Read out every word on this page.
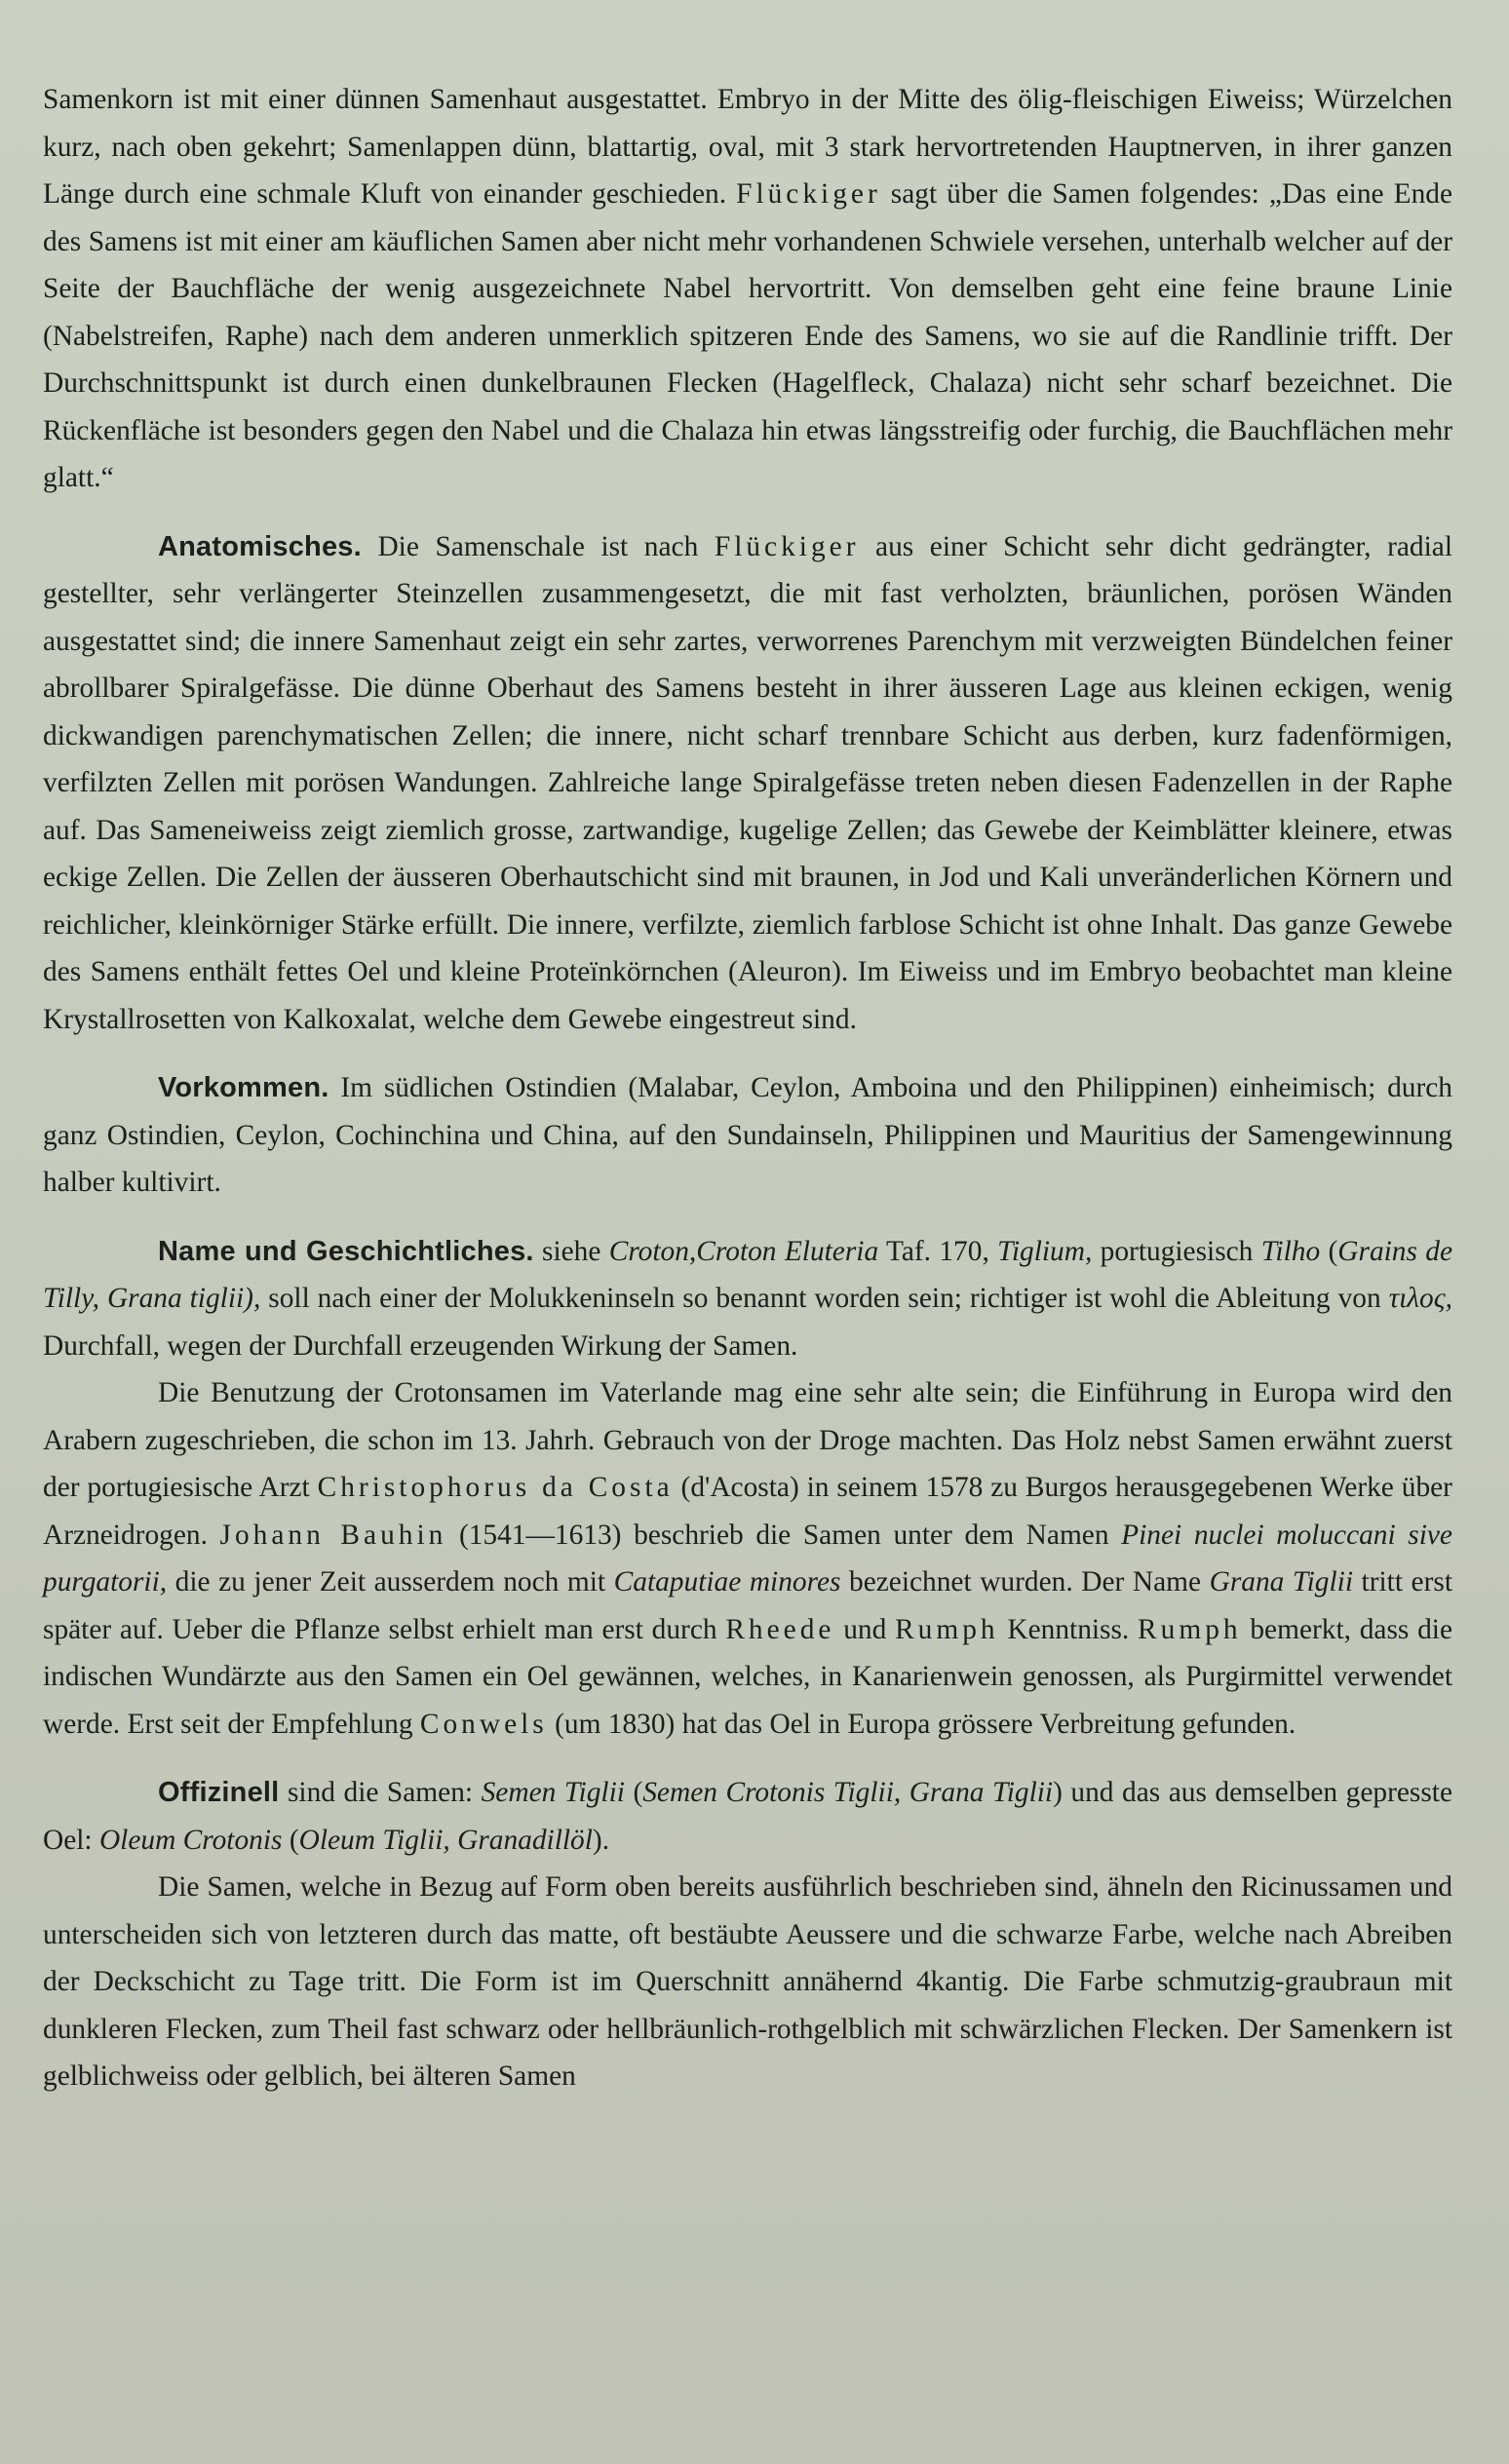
Samenkorn ist mit einer dünnen Samenhaut ausgestattet. Embryo in der Mitte des ölig-fleischigen Eiweiss; Würzelchen kurz, nach oben gekehrt; Samenlappen dünn, blattartig, oval, mit 3 stark hervortretenden Hauptnerven, in ihrer ganzen Länge durch eine schmale Kluft von einander geschieden. Flückiger sagt über die Samen folgendes: „Das eine Ende des Samens ist mit einer am käuflichen Samen aber nicht mehr vorhandenen Schwiele versehen, unterhalb welcher auf der Seite der Bauchfläche der wenig ausgezeichnete Nabel hervortritt. Von demselben geht eine feine braune Linie (Nabelstreifen, Raphe) nach dem anderen unmerklich spitzeren Ende des Samens, wo sie auf die Randlinie trifft. Der Durchschnittspunkt ist durch einen dunkelbraunen Flecken (Hagelfleck, Chalaza) nicht sehr scharf bezeichnet. Die Rückenfläche ist besonders gegen den Nabel und die Chalaza hin etwas längsstreifig oder furchig, die Bauchflächen mehr glatt.“

Anatomisches. Die Samenschale ist nach Flückiger aus einer Schicht sehr dicht gedrängter, radial gestellter, sehr verlängerter Steinzellen zusammengesetzt, die mit fast verholzten, bräunlichen, porösen Wänden ausgestattet sind; die innere Samenhaut zeigt ein sehr zartes, verworrenes Parenchym mit verzweigten Bündelchen feiner abrollbarer Spiralgefässe. Die dünne Oberhaut des Samens besteht in ihrer äusseren Lage aus kleinen eckigen, wenig dickwandigen parenchymatischen Zellen; die innere, nicht scharf trennbare Schicht aus derben, kurz fadenförmigen, verfilzten Zellen mit porösen Wandungen. Zahlreiche lange Spiralgefässe treten neben diesen Fadenzellen in der Raphe auf. Das Sameneiweiss zeigt ziemlich grosse, zartwandige, kugelige Zellen; das Gewebe der Keimblätter kleinere, etwas eckige Zellen. Die Zellen der äusseren Oberhautschicht sind mit braunen, in Jod und Kali unveränderlichen Körnern und reichlicher, kleinkörniger Stärke erfüllt. Die innere, verfilzte, ziemlich farblose Schicht ist ohne Inhalt. Das ganze Gewebe des Samens enthält fettes Oel und kleine Proteïnkörnchen (Aleuron). Im Eiweiss und im Embryo beobachtet man kleine Krystallrosetten von Kalkoxalat, welche dem Gewebe eingestreut sind.

Vorkommen. Im südlichen Ostindien (Malabar, Ceylon, Amboina und den Philippinen) einheimisch; durch ganz Ostindien, Ceylon, Cochinchina und China, auf den Sundainseln, Philippinen und Mauritius der Samengewinnung halber kultivirt.

Name und Geschichtliches. siehe Croton,Croton Eluteria Taf. 170, Tiglium, portugiesisch Tilho (Grains de Tilly, Grana tiglii), soll nach einer der Molukkeninseln so benannt worden sein; richtiger ist wohl die Ableitung von τιλος, Durchfall, wegen der Durchfall erzeugenden Wirkung der Samen.

Die Benutzung der Crotonsamen im Vaterlande mag eine sehr alte sein; die Einführung in Europa wird den Arabern zugeschrieben, die schon im 13. Jahrh. Gebrauch von der Droge machten. Das Holz nebst Samen erwähnt zuerst der portugiesische Arzt Christophorus da Costa (d'Acosta) in seinem 1578 zu Burgos herausgegebenen Werke über Arzneidrogen. Johann Bauhin (1541—1613) beschrieb die Samen unter dem Namen Pinei nuclei moluccani sive purgatorii, die zu jener Zeit ausserdem noch mit Cataputiae minores bezeichnet wurden. Der Name Grana Tiglii tritt erst später auf. Ueber die Pflanze selbst erhielt man erst durch Rheede und Rumph Kenntniss. Rumph bemerkt, dass die indischen Wundärzte aus den Samen ein Oel gewännen, welches, in Kanarienwein genossen, als Purgirmittel verwendet werde. Erst seit der Empfehlung Conwels (um 1830) hat das Oel in Europa grössere Verbreitung gefunden.

Offizinell sind die Samen: Semen Tiglii (Semen Crotonis Tiglii, Grana Tiglii) und das aus demselben gepresste Oel: Oleum Crotonis (Oleum Tiglii, Granadillöl).

Die Samen, welche in Bezug auf Form oben bereits ausführlich beschrieben sind, ähneln den Ricinussamen und unterscheiden sich von letzteren durch das matte, oft bestäubte Aeussere und die schwarze Farbe, welche nach Abreiben der Deckschicht zu Tage tritt. Die Form ist im Querschnitt annähernd 4kantig. Die Farbe schmutzig-graubraun mit dunkleren Flecken, zum Theil fast schwarz oder hellbräunlich-rothgelblich mit schwärzlichen Flecken. Der Samenkern ist gelblichweiss oder gelblich, bei älteren Samen
